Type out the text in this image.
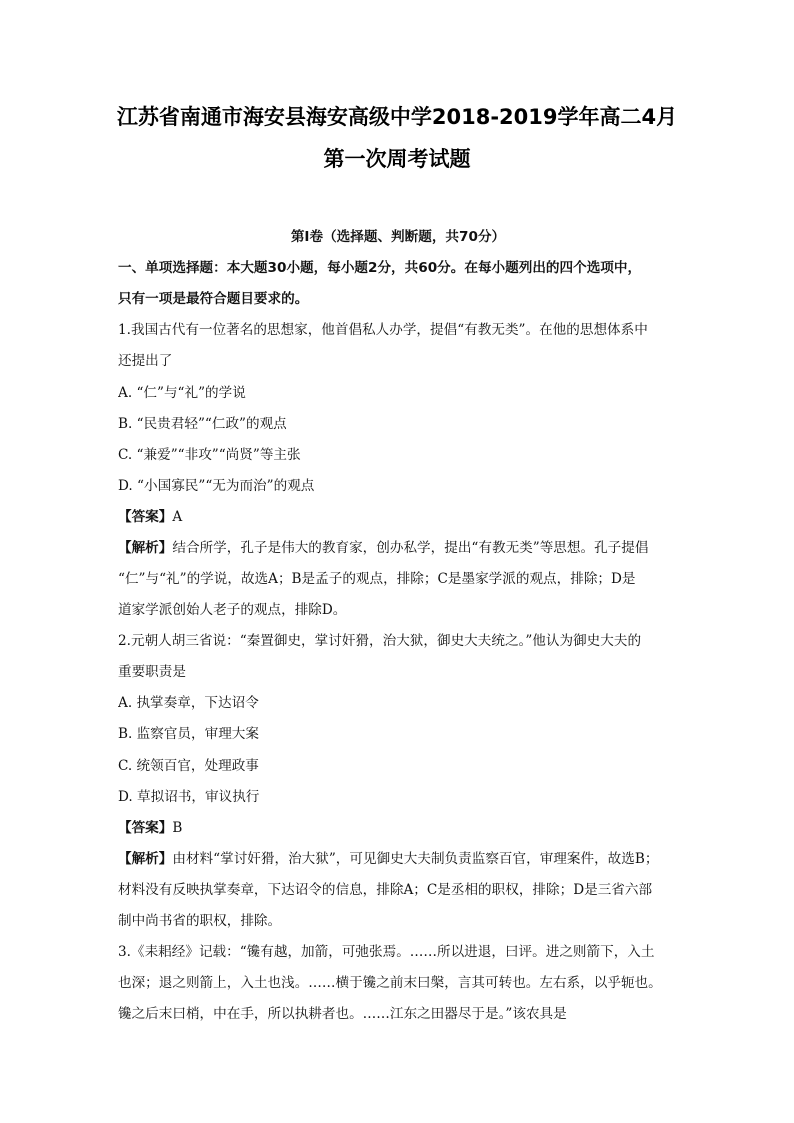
江苏省南通市海安县海安高级中学2018-2019学年高二4月
第一次周考试题
第Ⅰ卷（选择题、判断题，共70分）
一、单项选择题：本大题30小题，每小题2分，共60分。在每小题列出的四个选项中，
只有一项是最符合题目要求的。
1.我国古代有一位著名的思想家，他首倡私人办学，提倡“有教无类”。在他的思想体系中
还提出了
A. “仁”与“礼”的学说
B. “民贵君轻”“仁政”的观点
C. “兼爱”“非攻”“尚贤”等主张
D. “小国寡民”“无为而治”的观点
【答案】A
【解析】结合所学，孔子是伟大的教育家，创办私学，提出“有教无类”等思想。孔子提倡
“仁”与“礼”的学说，故选A；B是孟子的观点，排除；C是墨家学派的观点，排除；D是
道家学派创始人老子的观点，排除D。
2.元朝人胡三省说：“秦置御史，掌讨奸猾，治大狱，御史大夫统之。”他认为御史大夫的
重要职责是
A. 执掌奏章，下达诏令
B. 监察官员，审理大案
C. 统领百官，处理政事
D. 草拟诏书，审议执行
【答案】B
【解析】由材料“掌讨奸猾，治大狱”，可见御史大夫制负责监察百官，审理案件，故选B；
材料没有反映执掌奏章，下达诏令的信息，排除A；C是丞相的职权，排除；D是三省六部
制中尚书省的职权，排除。
3.《耒耜经》记载：“镵有越，加箭，可弛张焉。……所以进退，曰评。进之则箭下，入土
也深；退之则箭上，入土也浅。……横于镵之前末曰槃，言其可转也。左右系，以乎轭也。
镵之后末曰梢，中在手，所以执耕者也。……江东之田器尽于是。”该农具是
